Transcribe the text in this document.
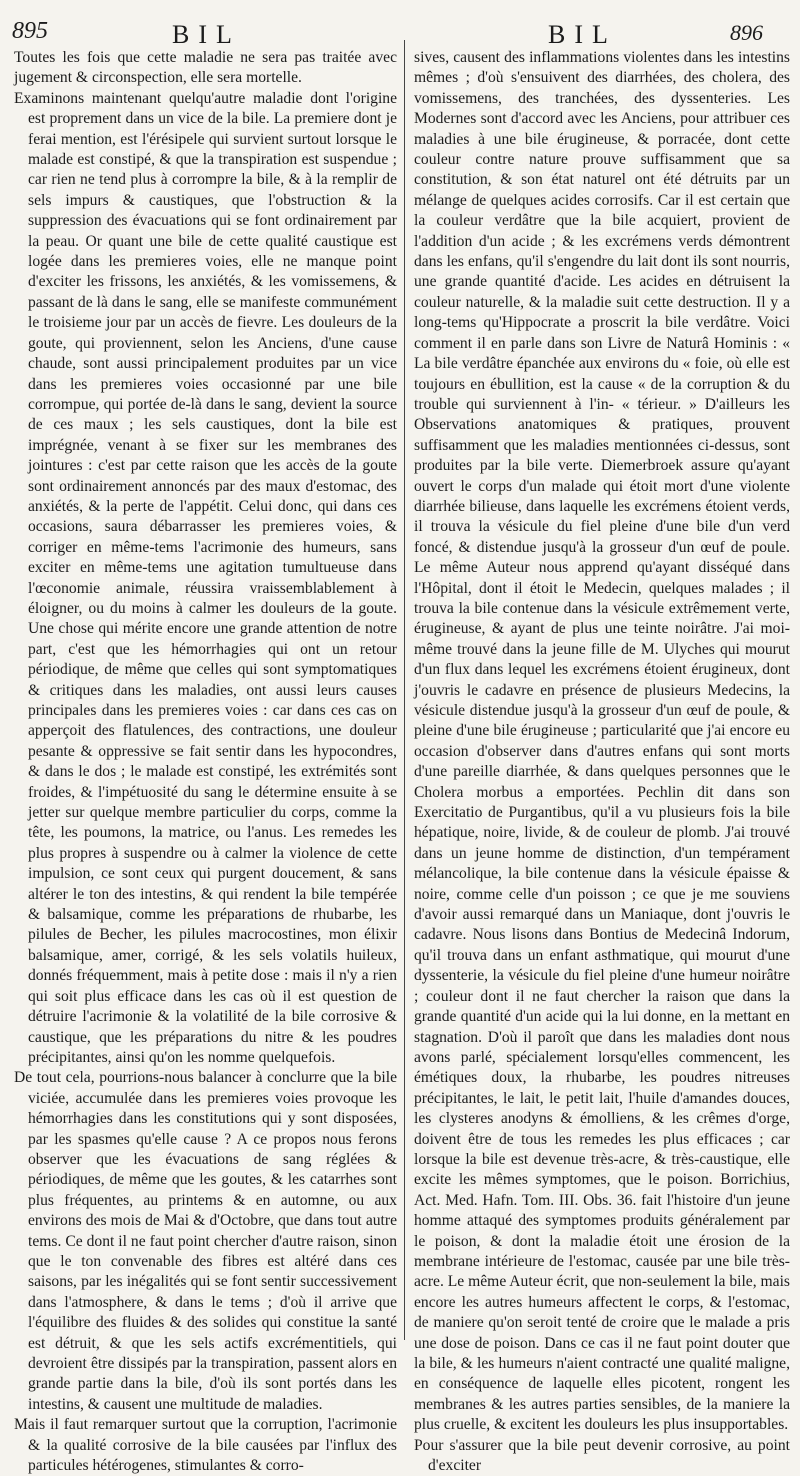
895	BIL	BIL	896

Toutes les fois que cette maladie ne sera pas traitée avec jugement & circonspection, elle sera mortelle.

Examinons maintenant quelqu'autre maladie dont l'origine est proprement dans un vice de la bile. La premiere dont je ferai mention, est l'érésipele qui survient surtout lorsque le malade est constipé, & que la transpiration est suspendue ; car rien ne tend plus à corrompre la bile, & à la remplir de sels impurs & caustiques, que l'obstruction & la suppression des évacuations qui se font ordinairement par la peau. Or quant une bile de cette qualité caustique est logée dans les premieres voies, elle ne manque point d'exciter les frissons, les anxiétés, & les vomissemens, & passant de là dans le sang, elle se manifeste communément le troisieme jour par un accès de fievre. Les douleurs de la goute, qui proviennent, selon les Anciens, d'une cause chaude, sont aussi principalement produites par un vice dans les premieres voies occasionné par une bile corrompue, qui portée de-là dans le sang, devient la source de ces maux ; les sels caustiques, dont la bile est imprégnée, venant à se fixer sur les membranes des jointures : c'est par cette raison que les accès de la goute sont ordinairement annoncés par des maux d'estomac, des anxiétés, & la perte de l'appétit. Celui donc, qui dans ces occasions, saura débarrasser les premieres voies, & corriger en même-tems l'acrimonie des humeurs, sans exciter en même-tems une agitation tumultueuse dans l'œconomie animale, réussira vraissemblablement à éloigner, ou du moins à calmer les douleurs de la goute. Une chose qui mérite encore une grande attention de notre part, c'est que les hémorrhagies qui ont un retour périodique, de même que celles qui sont symptomatiques & critiques dans les maladies, ont aussi leurs causes principales dans les premieres voies : car dans ces cas on apperçoit des flatulences, des contractions, une douleur pesante & oppressive se fait sentir dans les hypocondres, & dans le dos ; le malade est constipé, les extrémités sont froides, & l'impétuosité du sang le détermine ensuite à se jetter sur quelque membre particulier du corps, comme la tête, les poumons, la matrice, ou l'anus. Les remedes les plus propres à suspendre ou à calmer la violence de cette impulsion, ce sont ceux qui purgent doucement, & sans altérer le ton des intestins, & qui rendent la bile tempérée & balsamique, comme les préparations de rhubarbe, les pilules de Becher, les pilules macrocostines, mon élixir balsamique, amer, corrigé, & les sels volatils huileux, donnés fréquemment, mais à petite dose : mais il n'y a rien qui soit plus efficace dans les cas où il est question de détruire l'acrimonie & la volatilité de la bile corrosive & caustique, que les préparations du nitre & les poudres précipitantes, ainsi qu'on les nomme quelquefois.

De tout cela, pourrions-nous balancer à conclurre que la bile viciée, accumulée dans les premieres voies provoque les hémorrhagies dans les constitutions qui y sont disposées, par les spasmes qu'elle cause ? A ce propos nous ferons observer que les évacuations de sang réglées & périodiques, de même que les goutes, & les catarrhes sont plus fréquentes, au printems & en automne, ou aux environs des mois de Mai & d'Octobre, que dans tout autre tems. Ce dont il ne faut point chercher d'autre raison, sinon que le ton convenable des fibres est altéré dans ces saisons, par les inégalités qui se font sentir successivement dans l'atmosphere, & dans le tems ; d'où il arrive que l'équilibre des fluides & des solides qui constitue la santé est détruit, & que les sels actifs excrémentitiels, qui devroient être dissipés par la transpiration, passent alors en grande partie dans la bile, d'où ils sont portés dans les intestins, & causent une multitude de maladies.

Mais il faut remarquer surtout que la corruption, l'acrimonie & la qualité corrosive de la bile causées par l'influx des particules hétérogenes, stimulantes & corro-

sives, causent des inflammations violentes dans les intestins mêmes ; d'où s'ensuivent des diarrhées, des cholera, des vomissemens, des tranchées, des dyssenteries. Les Modernes sont d'accord avec les Anciens, pour attribuer ces maladies à une bile érugineuse, & porracée, dont cette couleur contre nature prouve suffisamment que sa constitution, & son état naturel ont été détruits par un mélange de quelques acides corrosifs. Car il est certain que la couleur verdâtre que la bile acquiert, provient de l'addition d'un acide ; & les excrémens verds démontrent dans les enfans, qu'il s'engendre du lait dont ils sont nourris, une grande quantité d'acide. Les acides en détruisent la couleur naturelle, & la maladie suit cette destruction. Il y a long-tems qu'Hippocrate a proscrit la bile verdâtre. Voici comment il en parle dans son Livre de Naturâ Hominis : « La bile verdâtre épanchée aux environs du « foie, où elle est toujours en ébullition, est la cause « de la corruption & du trouble qui surviennent à l'in- « térieur. » D'ailleurs les Observations anatomiques & pratiques, prouvent suffisamment que les maladies mentionnées ci-dessus, sont produites par la bile verte. Diemerbroek assure qu'ayant ouvert le corps d'un malade qui étoit mort d'une violente diarrhée bilieuse, dans laquelle les excrémens étoient verds, il trouva la vésicule du fiel pleine d'une bile d'un verd foncé, & distendue jusqu'à la grosseur d'un œuf de poule. Le même Auteur nous apprend qu'ayant disséqué dans l'Hôpital, dont il étoit le Medecin, quelques malades ; il trouva la bile contenue dans la vésicule extrêmement verte, érugineuse, & ayant de plus une teinte noirâtre. J'ai moi-même trouvé dans la jeune fille de M. Ulyches qui mourut d'un flux dans lequel les excrémens étoient érugineux, dont j'ouvris le cadavre en présence de plusieurs Medecins, la vésicule distendue jusqu'à la grosseur d'un œuf de poule, & pleine d'une bile érugineuse ; particularité que j'ai encore eu occasion d'observer dans d'autres enfans qui sont morts d'une pareille diarrhée, & dans quelques personnes que le Cholera morbus a emportées. Pechlin dit dans son Exercitatio de Purgantibus, qu'il a vu plusieurs fois la bile hépatique, noire, livide, & de couleur de plomb. J'ai trouvé dans un jeune homme de distinction, d'un tempérament mélancolique, la bile contenue dans la vésicule épaisse & noire, comme celle d'un poisson ; ce que je me souviens d'avoir aussi remarqué dans un Maniaque, dont j'ouvris le cadavre. Nous lisons dans Bontius de Medecinâ Indorum, qu'il trouva dans un enfant asthmatique, qui mourut d'une dyssenterie, la vésicule du fiel pleine d'une humeur noirâtre ; couleur dont il ne faut chercher la raison que dans la grande quantité d'un acide qui la lui donne, en la mettant en stagnation. D'où il paroît que dans les maladies dont nous avons parlé, spécialement lorsqu'elles commencent, les émétiques doux, la rhubarbe, les poudres nitreuses précipitantes, le lait, le petit lait, l'huile d'amandes douces, les clysteres anodyns & émolliens, & les crêmes d'orge, doivent être de tous les remedes les plus efficaces ; car lorsque la bile est devenue très-acre, & très-caustique, elle excite les mêmes symptomes, que le poison. Borrichius, Act. Med. Hafn. Tom. III. Obs. 36. fait l'histoire d'un jeune homme attaqué des symptomes produits généralement par le poison, & dont la maladie étoit une érosion de la membrane intérieure de l'estomac, causée par une bile très-acre. Le même Auteur écrit, que non-seulement la bile, mais encore les autres humeurs affectent le corps, & l'estomac, de maniere qu'on seroit tenté de croire que le malade a pris une dose de poison. Dans ce cas il ne faut point douter que la bile, & les humeurs n'aient contracté une qualité maligne, en conséquence de laquelle elles picotent, rongent les membranes & les autres parties sensibles, de la maniere la plus cruelle, & excitent les douleurs les plus insupportables.

Pour s'assurer que la bile peut devenir corrosive, au point d'exciter
